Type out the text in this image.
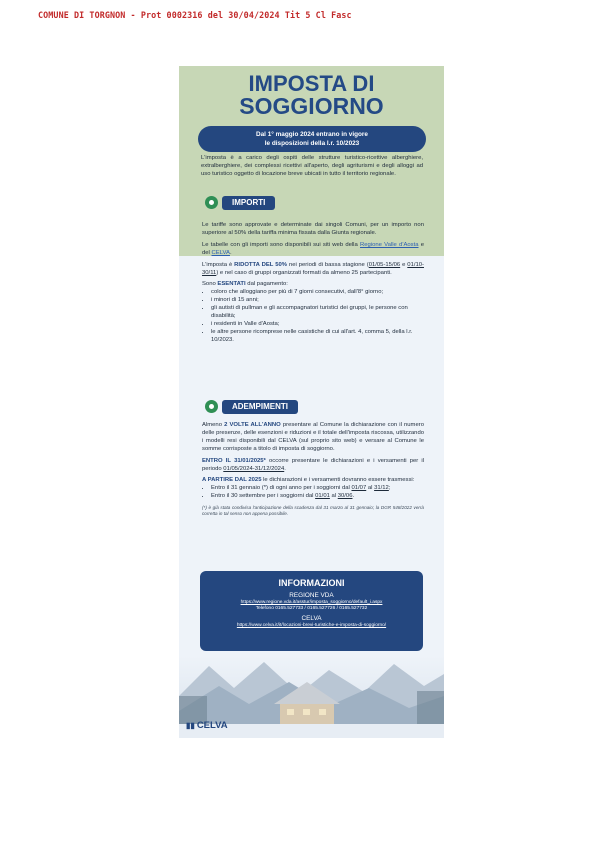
COMUNE DI TORGNON - Prot 0002316 del 30/04/2024 Tit 5 Cl Fasc
IMPOSTA DI
SOGGIORNO
Dal 1° maggio 2024 entrano in vigore
le disposizioni della l.r. 10/2023
L'imposta è a carico degli ospiti delle strutture turistico-ricettive alberghiere, extralberghiere, dei complessi ricettivi all'aperto, degli agriturismi e degli alloggi ad uso turistico oggetto di locazione breve ubicati in tutto il territorio regionale.
IMPORTI

Le tariffe sono approvate e determinate dai singoli Comuni, per un importo non superiore al 50% della tariffa minima fissata dalla Giunta regionale.

Le tabelle con gli importi sono disponibili sui siti web della Regione Valle d'Aosta e del CELVA.

L'imposta è RIDOTTA DEL 50% nei periodi di bassa stagione (01/05-15/06 e 01/10-30/11) e nel caso di gruppi organizzati formati da almeno 25 partecipanti.

Sono ESENTATI dal pagamento:

• coloro che alloggiano per più di 7 giorni consecutivi, dall'8° giorno;
• i minori di 15 anni;
• gli autisti di pullman e gli accompagnatori turistici dei gruppi, le persone con disabilità;
• i residenti in Valle d'Aosta;
• le altre persone ricomprese nelle casistiche di cui all'art. 4, comma 5, della l.r. 10/2023.
ADEMPIMENTI

Almeno 2 VOLTE ALL'ANNO presentare al Comune la dichiarazione con il numero delle presenze, delle esenzioni e riduzioni e il totale dell'imposta riscossa, utilizzando i modelli resi disponibili dal CELVA (sul proprio sito web) e versare al Comune le somme corrisposte a titolo di imposta di soggiorno.

ENTRO IL 31/01/2025* occorre presentare le dichiarazioni e i versamenti per il periodo 01/05/2024-31/12/2024.

A PARTIRE DAL 2025 le dichiarazioni e i versamenti dovranno essere trasmessi:

• Entro il 31 gennaio (*) di ogni anno per i soggiorni dal 01/07 al 31/12;
• Entro il 30 settembre per i soggiorni dal 01/01 al 30/06.

(*) è già stata condivisa l'anticipazione della scadenza dal 31 marzo al 31 gennaio; la DGR 548/2022 verrà corretta in tal senso non appena possibile.

INFORMAZIONI
REGIONE VDA
https://www.regione.vda.it/asstur/imposta_soggiorno/default_i.aspx
Telefono 0165.527733 / 0165.527726 / 0165.527732
CELVA
https://www.celva.it/it/locazioni-brevi-turistiche-e-imposta-di-soggiorno/
▮▮ CELVA
